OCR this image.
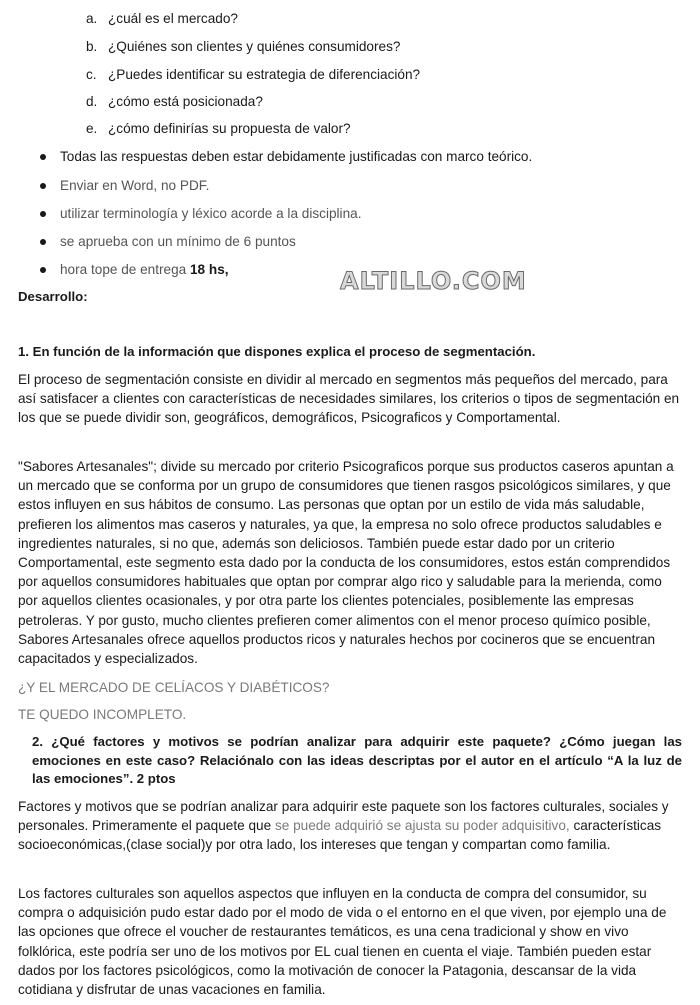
a. ¿cuál es el mercado?
b. ¿Quiénes son clientes y quiénes consumidores?
c. ¿Puedes identificar su estrategia de diferenciación?
d. ¿cómo está posicionada?
e. ¿cómo definirías su propuesta de valor?
Todas las respuestas deben estar debidamente justificadas con marco teórico.
Enviar en Word, no PDF.
utilizar terminología y léxico acorde a la disciplina.
se aprueba con un mínimo de 6 puntos
hora tope de entrega 18 hs,	ALTILLO.COM
Desarrollo:
1. En función de la información que dispones explica el proceso de segmentación.
El proceso de segmentación consiste en dividir al mercado en segmentos más pequeños del mercado, para así satisfacer a clientes con características de necesidades similares, los criterios o tipos de segmentación en los que se puede dividir son, geográficos, demográficos, Psicograficos y Comportamental.
"Sabores Artesanales"; divide su mercado por criterio Psicograficos porque sus productos caseros apuntan a un mercado que se conforma por un grupo de consumidores que tienen rasgos psicológicos similares, y que estos influyen en sus hábitos de consumo. Las personas que optan por un estilo de vida más saludable, prefieren los alimentos mas caseros y naturales, ya que, la empresa no solo ofrece productos saludables e ingredientes naturales, si no que, además son deliciosos. También puede estar dado por un criterio Comportamental, este segmento esta dado por la conducta de los consumidores, estos están comprendidos por aquellos consumidores habituales que optan por comprar algo rico y saludable para la merienda, como por aquellos clientes ocasionales, y por otra parte los clientes potenciales, posiblemente las empresas petroleras. Y por gusto, mucho clientes prefieren comer alimentos con el menor proceso químico posible, Sabores Artesanales ofrece aquellos productos ricos y naturales hechos por cocineros que se encuentran capacitados y especializados.
¿Y EL MERCADO DE CELÍACOS Y DIABÉTICOS?
TE QUEDO INCOMPLETO.
2. ¿Qué factores y motivos se podrían analizar para adquirir este paquete? ¿Cómo juegan las emociones en este caso? Relaciónalo con las ideas descriptas por el autor en el artículo “A la luz de las emociones”. 2 ptos
Factores y motivos que se podrían analizar para adquirir este paquete son los factores culturales, sociales y personales. Primeramente el paquete que se puede adquirió se ajusta su poder adquisitivo, características socioeconómicas,(clase social)y por otra lado, los intereses que tengan y compartan como familia.
Los factores culturales son aquellos aspectos que influyen en la conducta de compra del consumidor, su compra o adquisición pudo estar dado por el modo de vida o el entorno en el que viven, por ejemplo una de las opciones que ofrece el voucher de restaurantes temáticos, es una cena tradicional y show en vivo folklórica, este podría ser uno de los motivos por EL cual tienen en cuenta el viaje. También pueden estar dados por los factores psicológicos, como la motivación de conocer la Patagonia, descansar de la vida cotidiana y disfrutar de unas vacaciones en familia.
